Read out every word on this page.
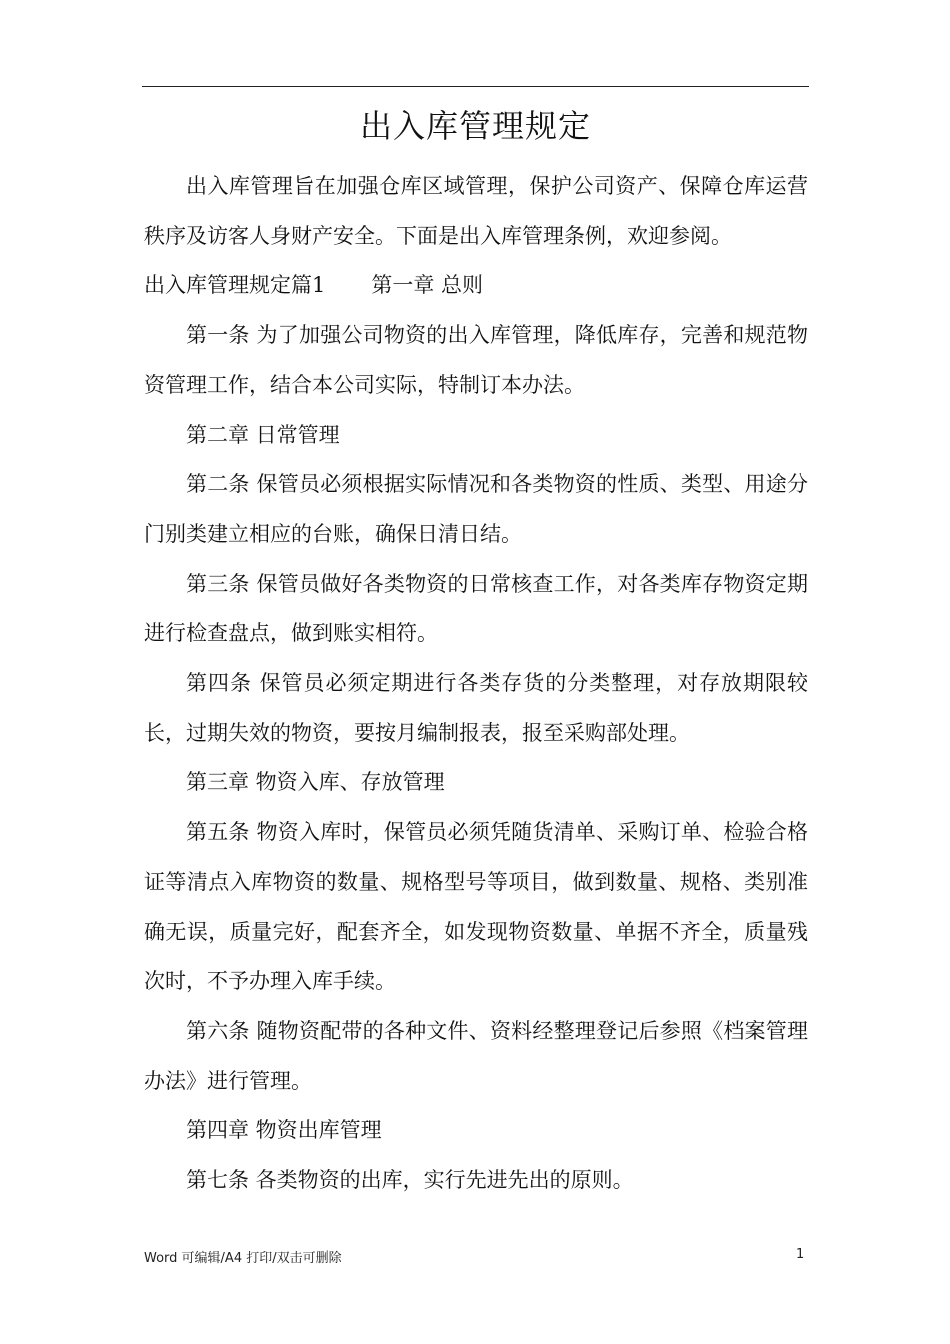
出入库管理规定

出入库管理旨在加强仓库区域管理，保护公司资产、保障仓库运营秩序及访客人身财产安全。下面是出入库管理条例，欢迎参阅。

出入库管理规定篇1 第一章 总则

第一条 为了加强公司物资的出入库管理，降低库存，完善和规范物资管理工作，结合本公司实际，特制订本办法。

第二章 日常管理

第二条 保管员必须根据实际情况和各类物资的性质、类型、用途分门别类建立相应的台账，确保日清日结。

第三条 保管员做好各类物资的日常核查工作，对各类库存物资定期进行检查盘点，做到账实相符。

第四条 保管员必须定期进行各类存货的分类整理，对存放期限较长，过期失效的物资，要按月编制报表，报至采购部处理。

第三章 物资入库、存放管理

第五条 物资入库时，保管员必须凭随货清单、采购订单、检验合格证等清点入库物资的数量、规格型号等项目，做到数量、规格、类别准确无误，质量完好，配套齐全，如发现物资数量、单据不齐全，质量残次时，不予办理入库手续。

第六条 随物资配带的各种文件、资料经整理登记后参照《档案管理办法》进行管理。

第四章 物资出库管理

第七条 各类物资的出库，实行先进先出的原则。

Word 可编辑/A4 打印/双击可删除	1
